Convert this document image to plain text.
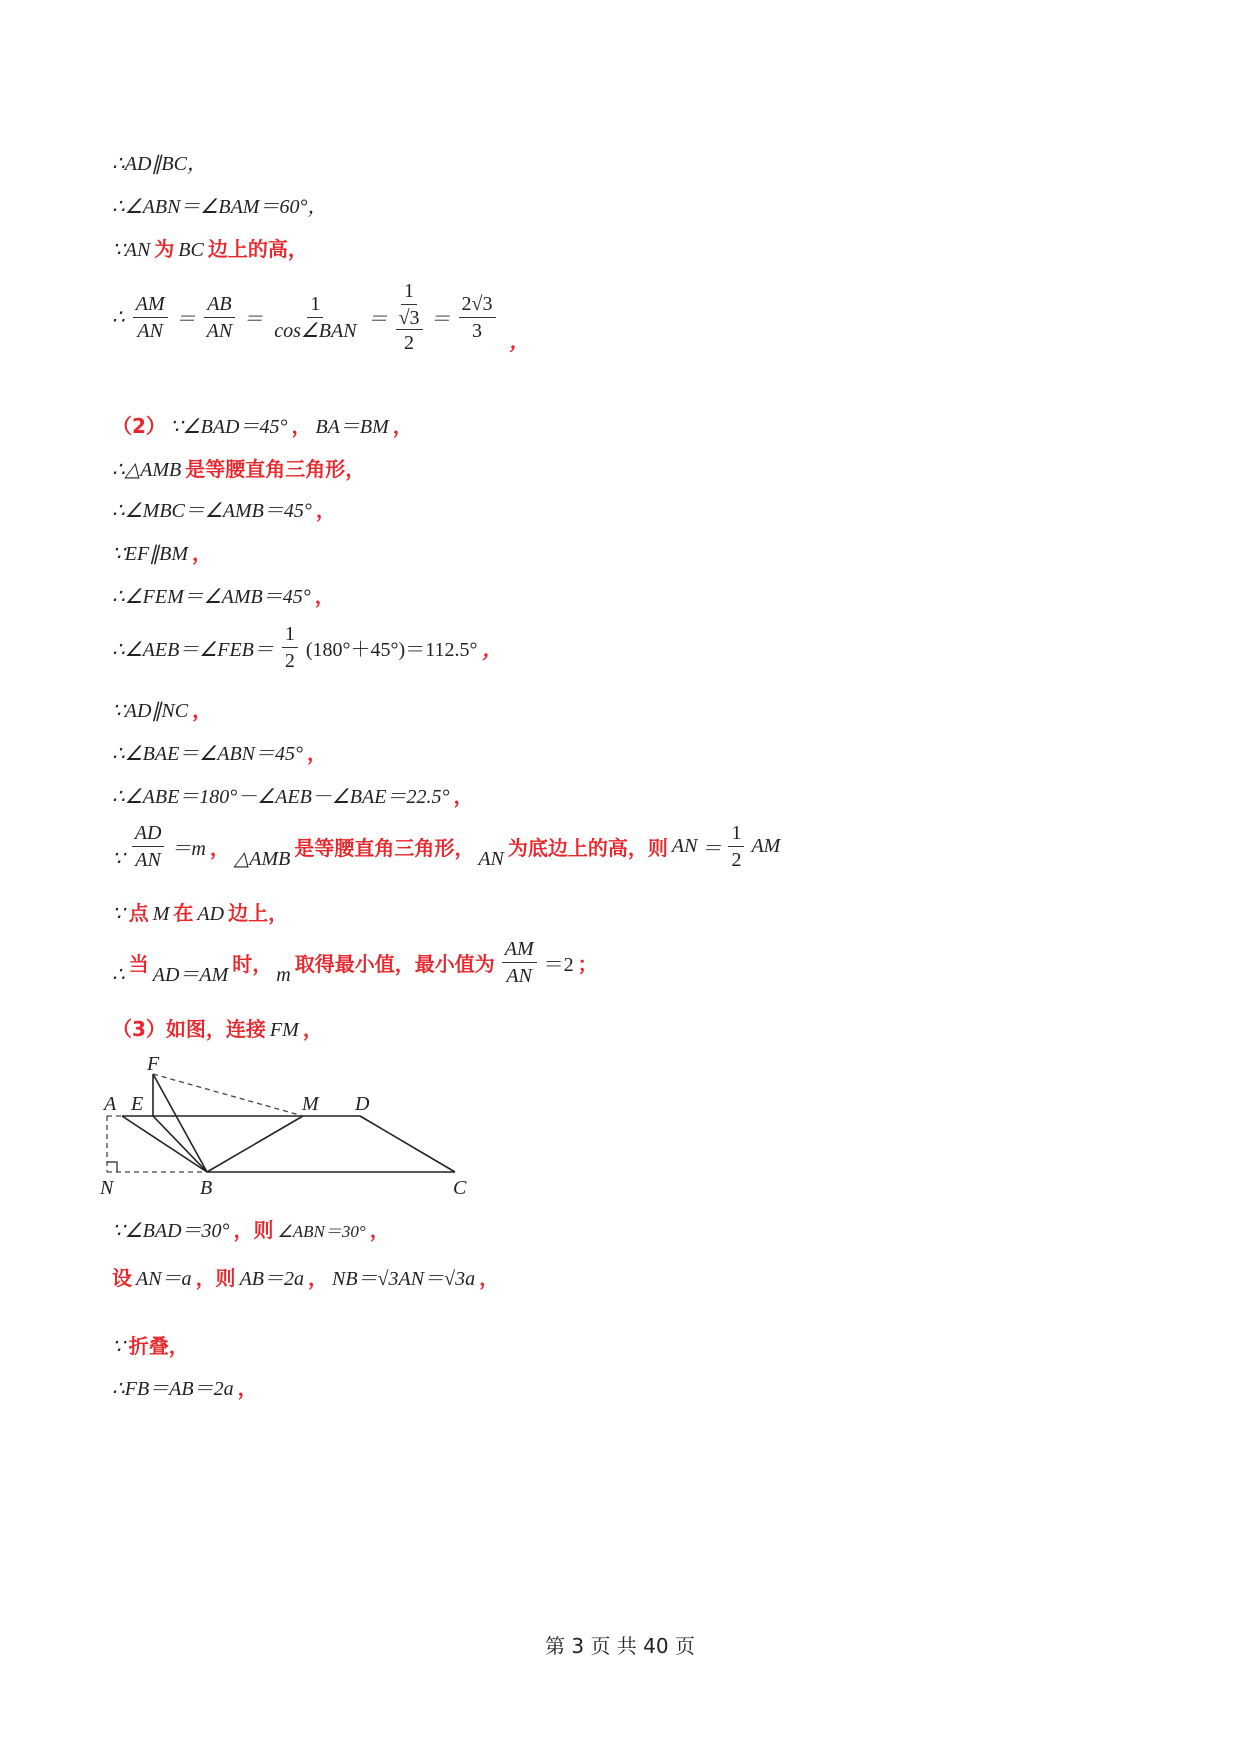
∴AD∥BC，
∴∠ABN＝∠BAM＝60°，
∵AN 为 BC 边上的高，
∴ $\frac{AM}{AN} = \frac{AB}{AN} = \frac{1}{\text{cos∠BAN}}$ ＝
1
√3
2
＝ $\frac{2√3}{3}$ ，
（2） ∵∠BAD＝45° ， BA＝BM ，
∴△AMB 是等腰直角三角形，
∴∠MBC＝∠AMB＝45° ，
∵EF∥BM ，
∴∠FEM＝∠AMB＝45° ，
∴∠AEB＝∠FEB＝ $\frac{1}{2} (180^\circ+45^\circ)=112.5^\circ$ ，
∵AD∥NC ，
∴∠BAE＝∠ABN＝45° ，
∴∠ABE＝180°－∠AEB－∠BAE＝22.5° ，
∵ $\frac{AD}{AN} =m$ ， △AMB 是等腰直角三角形， AN 为底边上的高，则 AN ＝ $\frac{1}{2}$ AM
∵ 点 M 在 AD 边上，
∴ 当 AD＝AM 时， m 取得最小值，最小值为 $\frac{AM}{AN} =2$ ；
（3）如图，连接 FM ，
F
A E	M D
N	B	C
∵∠BAD＝30° ，则 ∠ABN＝30° ，
设 AN＝a ，则 AB＝2a ， NB＝√3AN＝√3a ，
∵ 折叠，
∴FB＝AB＝2a ，
第 3 页 共 40 页
